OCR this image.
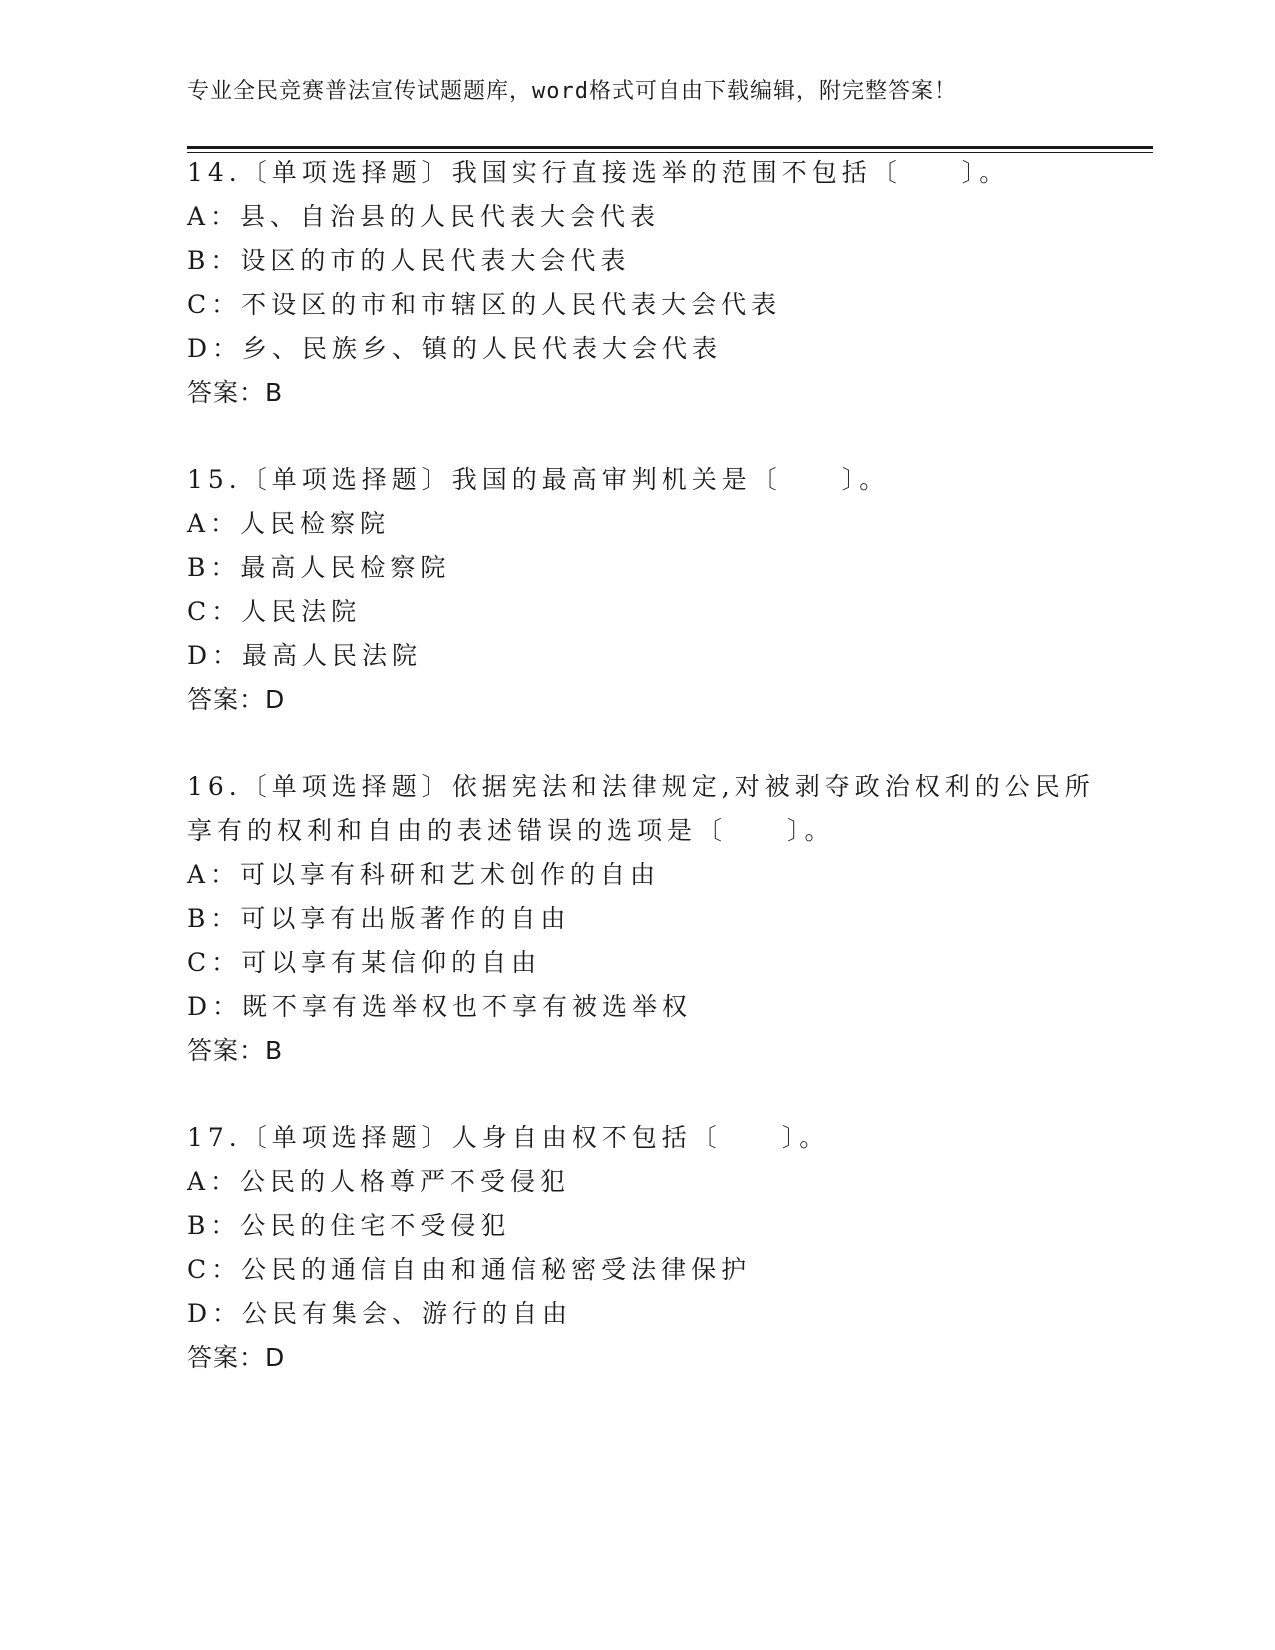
专业全民竞赛普法宣传试题题库，word格式可自由下载编辑，附完整答案！
14.〔单项选择题〕我国实行直接选举的范围不包括〔　　〕。
A：县、自治县的人民代表大会代表
B：设区的市的人民代表大会代表
C：不设区的市和市辖区的人民代表大会代表
D：乡、民族乡、镇的人民代表大会代表
答案：B
15.〔单项选择题〕我国的最高审判机关是〔　　〕。
A：人民检察院
B：最高人民检察院
C：人民法院
D：最高人民法院
答案：D
16.〔单项选择题〕依据宪法和法律规定,对被剥夺政治权利的公民所
享有的权利和自由的表述错误的选项是〔　　〕。
A：可以享有科研和艺术创作的自由
B：可以享有出版著作的自由
C：可以享有某信仰的自由
D：既不享有选举权也不享有被选举权
答案：B
17.〔单项选择题〕人身自由权不包括〔　　〕。
A：公民的人格尊严不受侵犯
B：公民的住宅不受侵犯
C：公民的通信自由和通信秘密受法律保护
D：公民有集会、游行的自由
答案：D
